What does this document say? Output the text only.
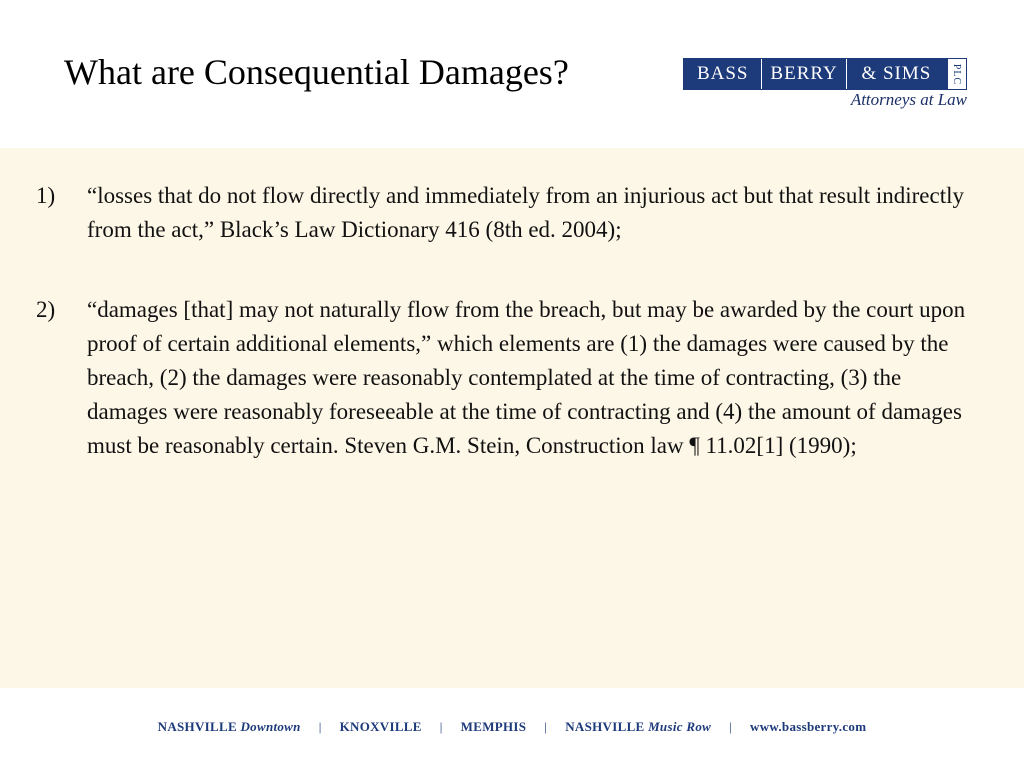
What are Consequential Damages?	BASS	BERRY	& SIMS	PLC
Attorneys at Law
1)	“losses that do not flow directly and immediately from an injurious act but that result indirectly from the act,” Black’s Law Dictionary 416 (8th ed. 2004);
2)	“damages [that] may not naturally flow from the breach, but may be awarded by the court upon proof of certain additional elements,” which elements are (1) the damages were caused by the breach, (2) the damages were reasonably contemplated at the time of contracting, (3) the damages were reasonably foreseeable at the time of contracting and (4) the amount of damages must be reasonably certain. Steven G.M. Stein, Construction law ¶ 11.02[1] (1990);
NASHVILLE Downtown | KNOXVILLE | MEMPHIS | NASHVILLE Music Row | www.bassberry.com
